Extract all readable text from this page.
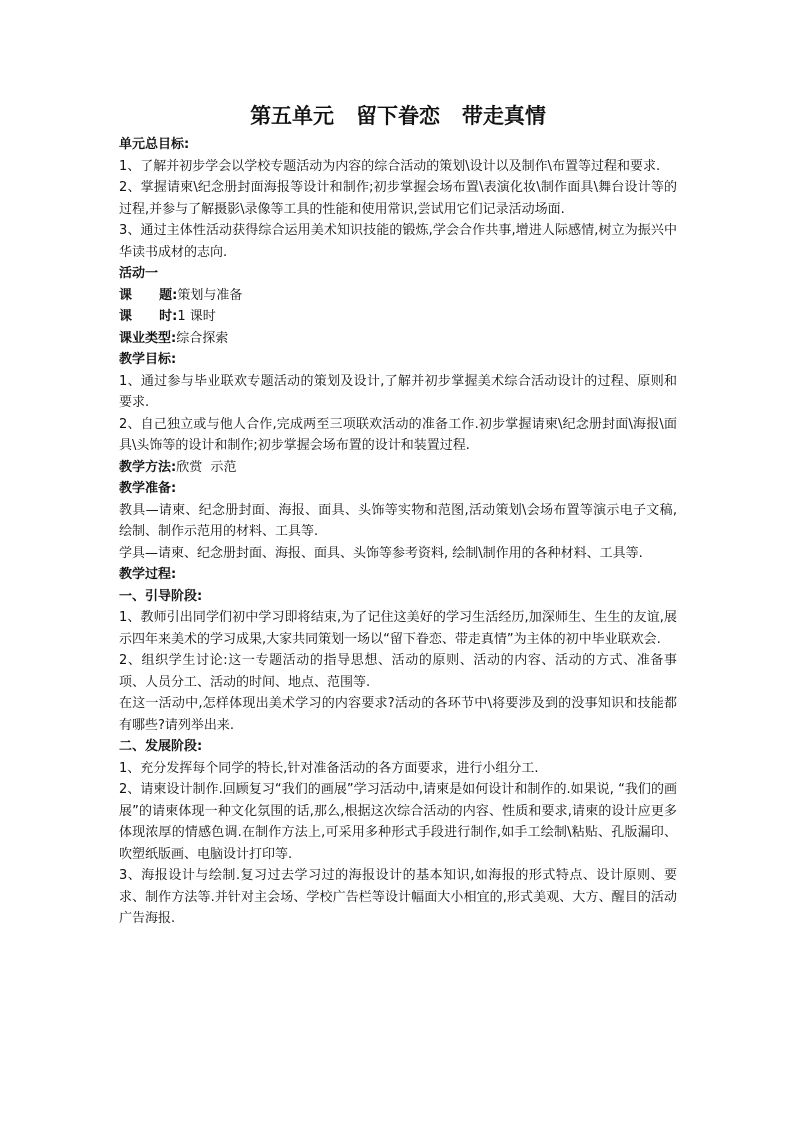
第五单元   留下眷恋   带走真情
单元总目标:
1、了解并初步学会以学校专题活动为内容的综合活动的策划\设计以及制作\布置等过程和要求.
2、掌握请柬\纪念册封面海报等设计和制作;初步掌握会场布置\表演化妆\制作面具\舞台设计等的过程,并参与了解摄影\录像等工具的性能和使用常识,尝试用它们记录活动场面.
3、通过主体性活动获得综合运用美术知识技能的锻炼,学会合作共事,增进人际感情,树立为振兴中华读书成材的志向.
活动一
课      题:策划与准备
课      时:1 课时
课业类型:综合探索
教学目标:
1、通过参与毕业联欢专题活动的策划及设计,了解并初步掌握美术综合活动设计的过程、原则和要求.
2、自己独立或与他人合作,完成两至三项联欢活动的准备工作.初步掌握请柬\纪念册封面\海报\面具\头饰等的设计和制作;初步掌握会场布置的设计和装置过程.
教学方法:欣赏  示范
教学准备:
教具—请柬、纪念册封面、海报、面具、头饰等实物和范图,活动策划\会场布置等演示电子文稿,绘制、制作示范用的材料、工具等.
学具—请柬、纪念册封面、海报、面具、头饰等参考资料, 绘制\制作用的各种材料、工具等.
教学过程:
一、引导阶段:
1、教师引出同学们初中学习即将结束,为了记住这美好的学习生活经历,加深师生、生生的友谊,展示四年来美术的学习成果,大家共同策划一场以“留下眷恋、带走真情”为主体的初中毕业联欢会.
2、组织学生讨论:这一专题活动的指导思想、活动的原则、活动的内容、活动的方式、准备事项、人员分工、活动的时间、地点、范围等.
在这一活动中,怎样体现出美术学习的内容要求?活动的各环节中\将要涉及到的没事知识和技能都有哪些?请列举出来.
二、发展阶段:
1、充分发挥每个同学的特长,针对准备活动的各方面要求，进行小组分工.
2、请柬设计制作.回顾复习“我们的画展”学习活动中,请柬是如何设计和制作的.如果说, “我们的画展”的请柬体现一种文化氛围的话,那么,根据这次综合活动的内容、性质和要求,请柬的设计应更多体现浓厚的情感色调.在制作方法上,可采用多种形式手段进行制作,如手工绘制\粘贴、孔版漏印、吹塑纸版画、电脑设计打印等.
3、海报设计与绘制.复习过去学习过的海报设计的基本知识,如海报的形式特点、设计原则、要求、制作方法等.并针对主会场、学校广告栏等设计幅面大小相宜的,形式美观、大方、醒目的活动广告海报.
